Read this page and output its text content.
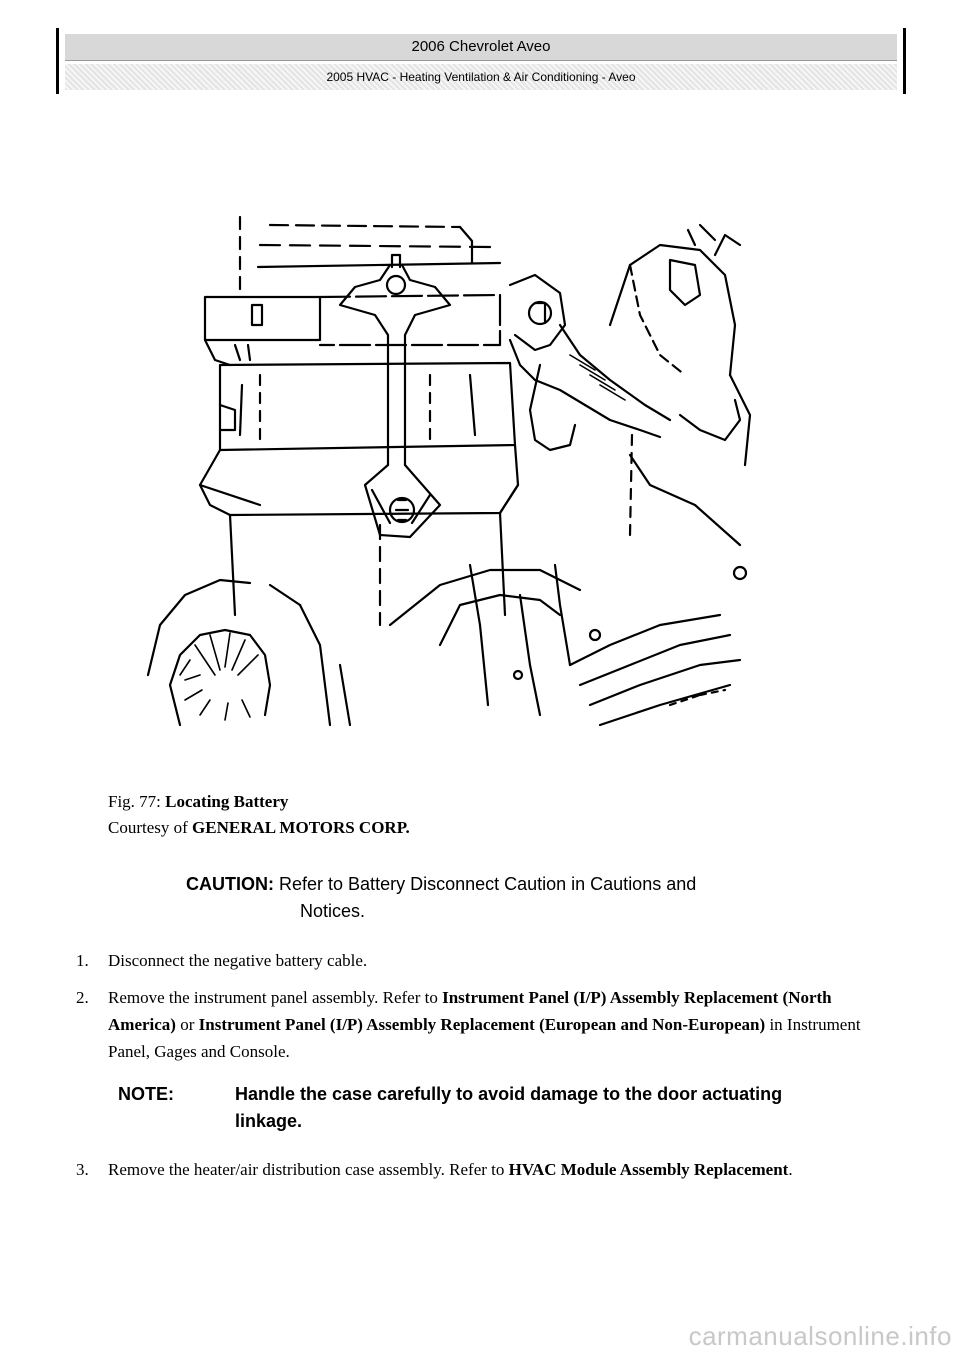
2006 Chevrolet Aveo
2005 HVAC - Heating Ventilation & Air Conditioning - Aveo
Fig. 77: Locating Battery
Courtesy of GENERAL MOTORS CORP.
CAUTION: Refer to Battery Disconnect Caution in Cautions and
Notices.
1.	Disconnect the negative battery cable.
2.	Remove the instrument panel assembly. Refer to Instrument Panel (I/P) Assembly Replacement (North America) or Instrument Panel (I/P) Assembly Replacement (European and Non-European) in Instrument Panel, Gages and Console.
NOTE:	Handle the case carefully to avoid damage to the door actuating linkage.
3.	Remove the heater/air distribution case assembly. Refer to HVAC Module Assembly Replacement.
carmanualsonline.info
